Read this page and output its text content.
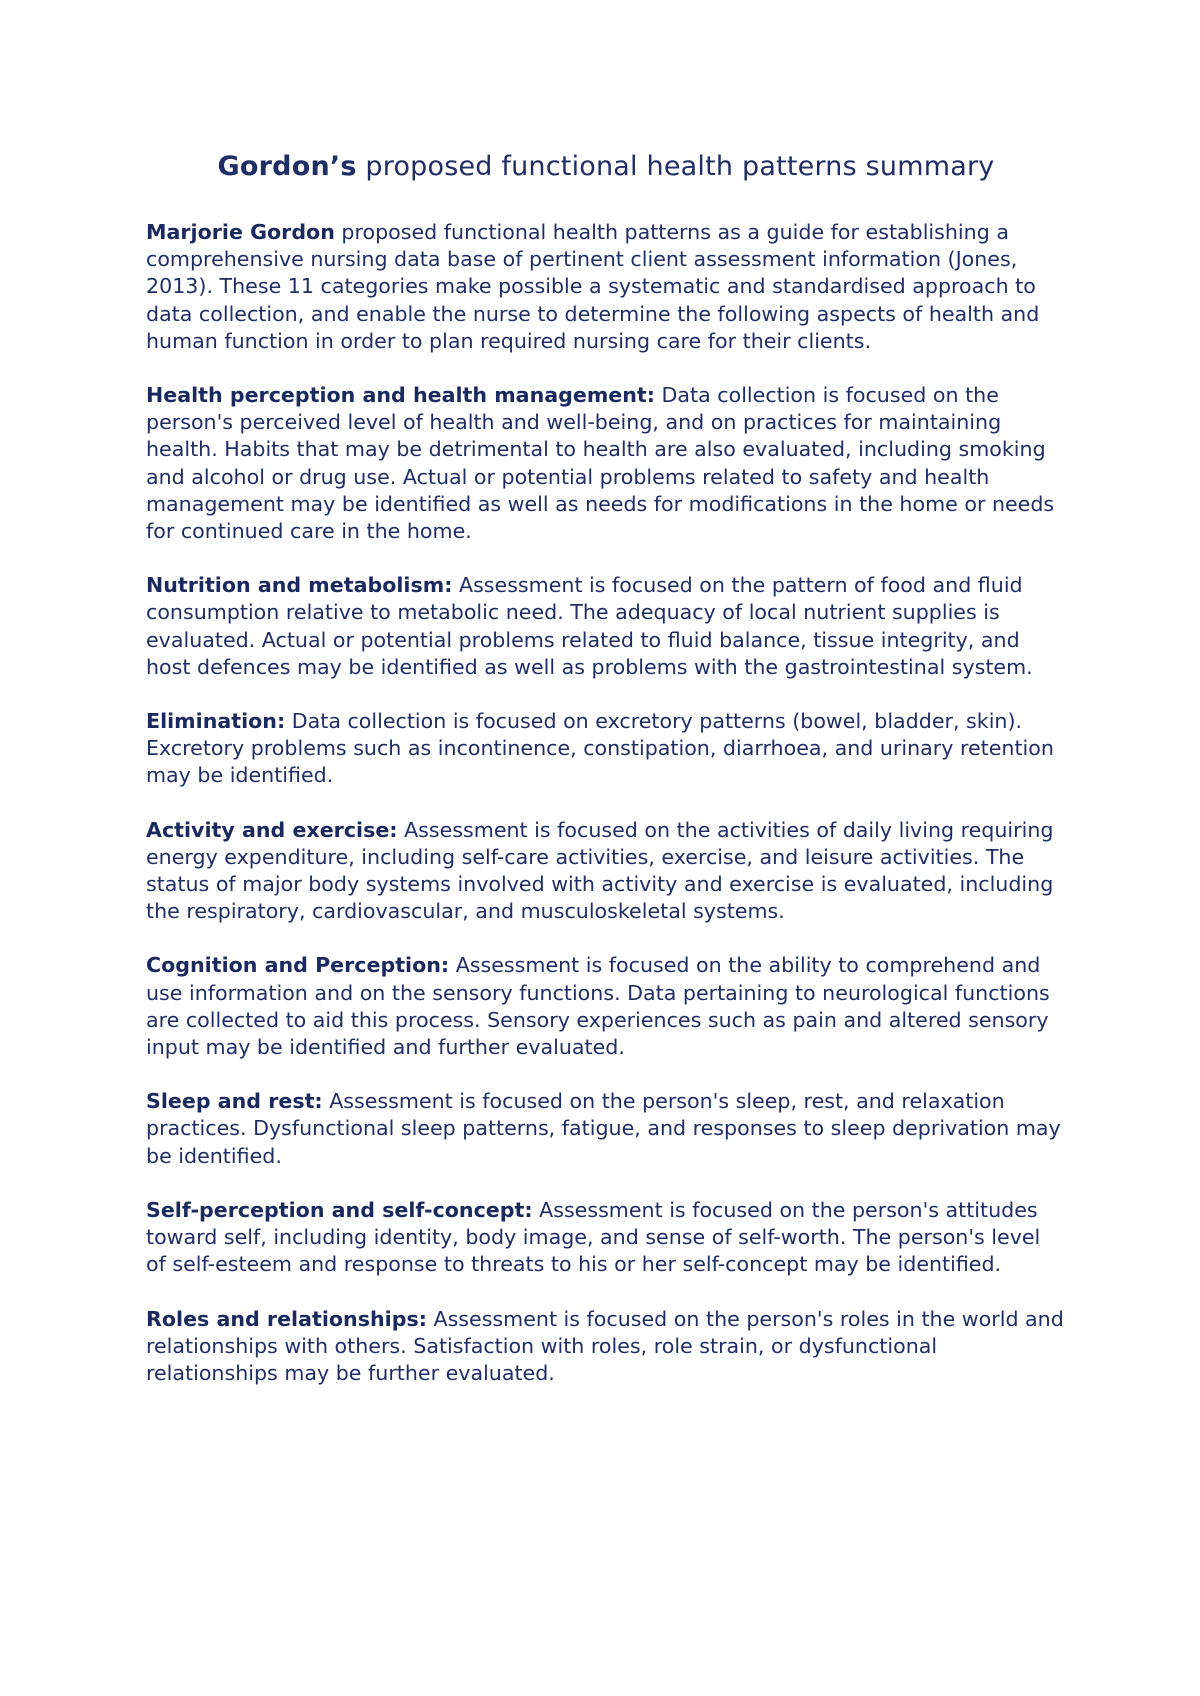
Gordon’s proposed functional health patterns summary

Marjorie Gordon proposed functional health patterns as a guide for establishing a comprehensive nursing data base of pertinent client assessment information (Jones, 2013). These 11 categories make possible a systematic and standardised approach to data collection, and enable the nurse to determine the following aspects of health and human function in order to plan required nursing care for their clients.

Health perception and health management: Data collection is focused on the person's perceived level of health and well-being, and on practices for maintaining health. Habits that may be detrimental to health are also evaluated, including smoking and alcohol or drug use. Actual or potential problems related to safety and health management may be identified as well as needs for modifications in the home or needs for continued care in the home.

Nutrition and metabolism: Assessment is focused on the pattern of food and fluid consumption relative to metabolic need. The adequacy of local nutrient supplies is evaluated. Actual or potential problems related to fluid balance, tissue integrity, and host defences may be identified as well as problems with the gastrointestinal system.

Elimination: Data collection is focused on excretory patterns (bowel, bladder, skin). Excretory problems such as incontinence, constipation, diarrhoea, and urinary retention may be identified.

Activity and exercise: Assessment is focused on the activities of daily living requiring energy expenditure, including self-care activities, exercise, and leisure activities. The status of major body systems involved with activity and exercise is evaluated, including the respiratory, cardiovascular, and musculoskeletal systems.

Cognition and Perception: Assessment is focused on the ability to comprehend and use information and on the sensory functions. Data pertaining to neurological functions are collected to aid this process. Sensory experiences such as pain and altered sensory input may be identified and further evaluated.

Sleep and rest: Assessment is focused on the person's sleep, rest, and relaxation practices. Dysfunctional sleep patterns, fatigue, and responses to sleep deprivation may be identified.

Self-perception and self-concept: Assessment is focused on the person's attitudes toward self, including identity, body image, and sense of self-worth. The person's level of self-esteem and response to threats to his or her self-concept may be identified.

Roles and relationships: Assessment is focused on the person's roles in the world and relationships with others. Satisfaction with roles, role strain, or dysfunctional relationships may be further evaluated.
